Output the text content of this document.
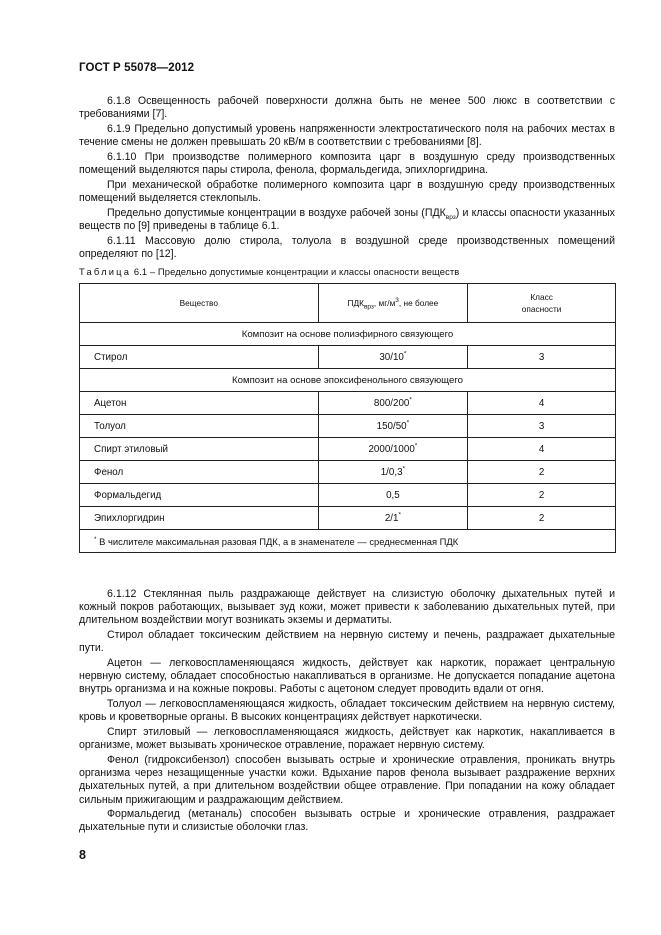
ГОСТ Р 55078—2012

6.1.8 Освещенность рабочей поверхности должна быть не менее 500 люкс в соответствии с требованиями [7].

6.1.9 Предельно допустимый уровень напряженности электростатического поля на рабочих местах в течение смены не должен превышать 20 кВ/м в соответствии с требованиями [8].

6.1.10 При производстве полимерного композита царг в воздушную среду производственных помещений выделяются пары стирола, фенола, формальдегида, эпихлоргидрина.

При механической обработке полимерного композита царг в воздушную среду производственных помещений выделяется стеклопыль.

Предельно допустимые концентрации в воздухе рабочей зоны $(ПДК_{врз})$ и классы опасности указанных веществ по [9] приведены в таблице 6.1.

6.1.11 Массовую долю стирола, толуола в воздушной среде производственных помещений определяют по [12].

Таблица 6.1 – Предельно допустимые концентрации и классы опасности веществ
Вещество	$ПДК_{врз}$, $мг/м^3$, не более	Класс
опасности
Композит на основе полиэфирного связующего		
Стирол	30/10*	3
Композит на основе эпоксифенольного связующего		
Ацетон	800/200*	4
Толуол	150/50*	3
Спирт этиловый	2000/1000*	4
Фенол	1/0,3*	2
Формальдегид	0,5	2
Эпихлоргидрин	2/1*	2
* В числителе максимальная разовая ПДК, а в знаменателе — среднесменная ПДК		

6.1.12 Стеклянная пыль раздражающе действует на слизистую оболочку дыхательных путей и кожный покров работающих, вызывает зуд кожи, может привести к заболеванию дыхательных путей, при длительном воздействии могут возникать экземы и дерматиты.

Стирол обладает токсическим действием на нервную систему и печень, раздражает дыхательные пути.

Ацетон — легковоспламеняющаяся жидкость, действует как наркотик, поражает центральную нервную систему, обладает способностью накапливаться в организме. Не допускается попадание ацетона внутрь организма и на кожные покровы. Работы с ацетоном следует проводить вдали от огня.

Толуол — легковоспламеняющаяся жидкость, обладает токсическим действием на нервную систему, кровь и кроветворные органы. В высоких концентрациях действует наркотически.

Спирт этиловый — легковоспламеняющаяся жидкость, действует как наркотик, накапливается в организме, может вызывать хроническое отравление, поражает нервную систему.

Фенол (гидроксибензол) способен вызывать острые и хронические отравления, проникать внутрь организма через незащищенные участки кожи. Вдыхание паров фенола вызывает раздражение верхних дыхательных путей, а при длительном воздействии общее отравление. При попадании на кожу обладает сильным прижигающим и раздражающим действием.

Формальдегид (метаналь) способен вызывать острые и хронические отравления, раздражает дыхательные пути и слизистые оболочки глаз.

8
